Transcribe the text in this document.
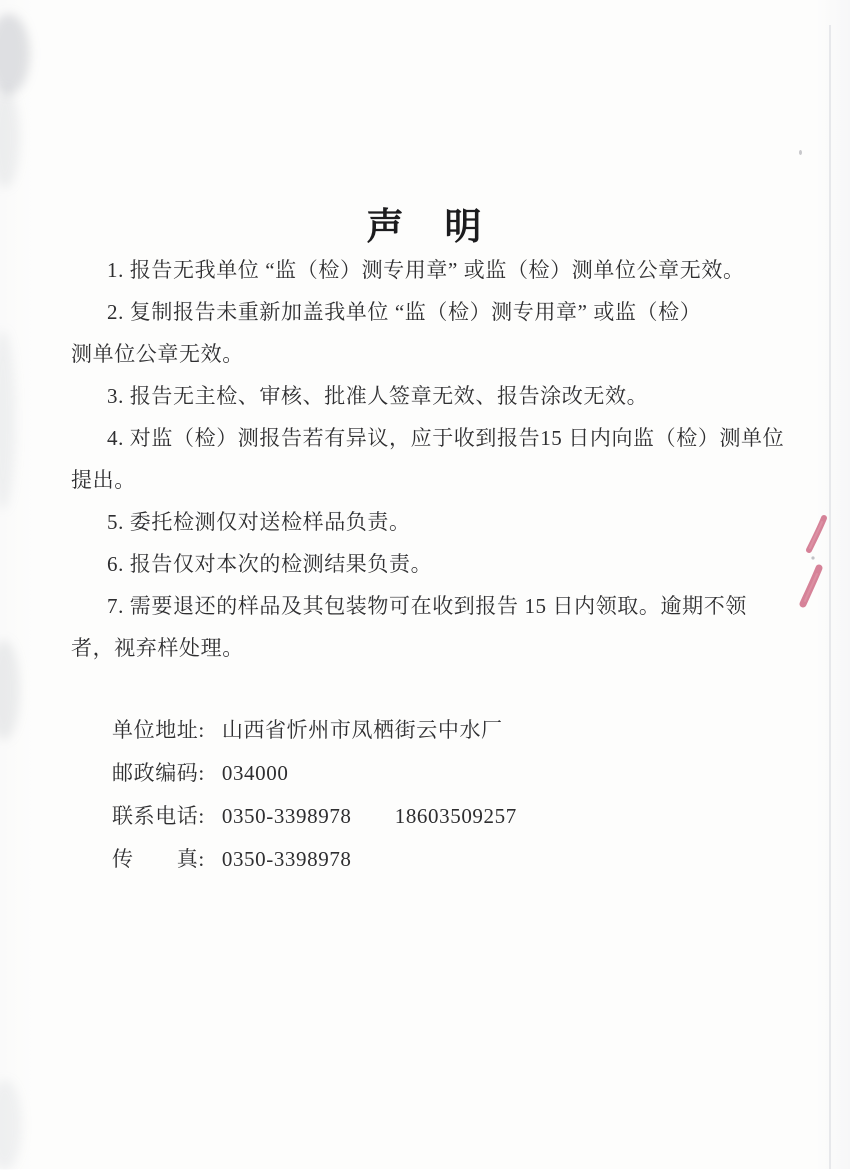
声　明
1. 报告无我单位 “监（检）测专用章” 或监（检）测单位公章无效。
2. 复制报告未重新加盖我单位 “监（检）测专用章” 或监（检）
测单位公章无效。
3. 报告无主检、审核、批准人签章无效、报告涂改无效。
4. 对监（检）测报告若有异议，应于收到报告15 日内向监（检）测单位
提出。
5. 委托检测仅对送检样品负责。
6. 报告仅对本次的检测结果负责。
7. 需要退还的样品及其包装物可在收到报告 15 日内领取。逾期不领
者，视弃样处理。
单位地址: 山西省忻州市凤栖街云中水厂
邮政编码: 034000
联系电话: 0350-3398978　　18603509257
传　　真: 0350-3398978
